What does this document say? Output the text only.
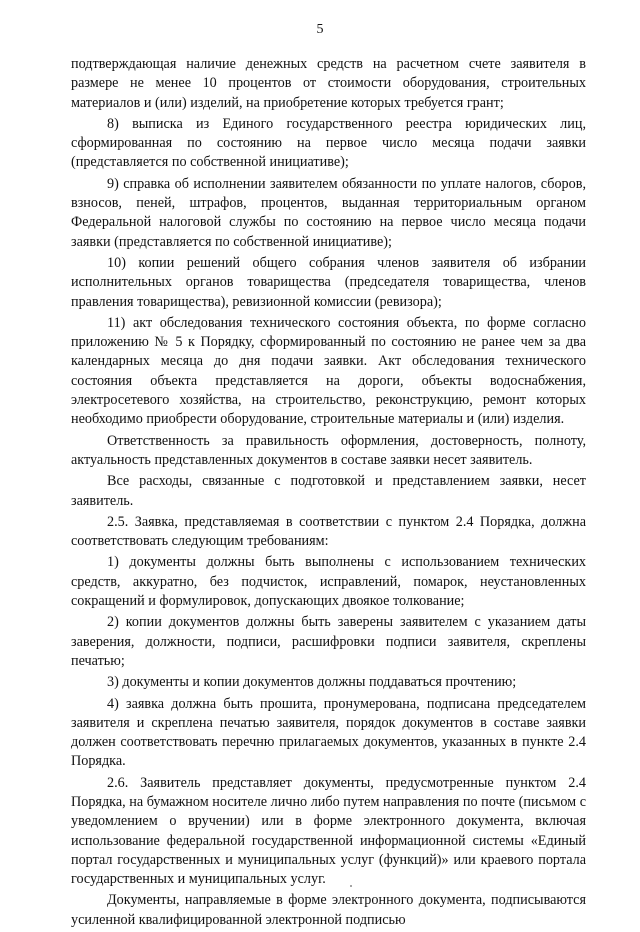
5

подтверждающая наличие денежных средств на расчетном счете заявителя в размере не менее 10 процентов от стоимости оборудования, строительных материалов и (или) изделий, на приобретение которых требуется грант;

8) выписка из Единого государственного реестра юридических лиц, сформированная по состоянию на первое число месяца подачи заявки (представляется по собственной инициативе);

9) справка об исполнении заявителем обязанности по уплате налогов, сборов, взносов, пеней, штрафов, процентов, выданная территориальным органом Федеральной налоговой службы по состоянию на первое число месяца подачи заявки (представляется по собственной инициативе);

10) копии решений общего собрания членов заявителя об избрании исполнительных органов товарищества (председателя товарищества, членов правления товарищества), ревизионной комиссии (ревизора);

11) акт обследования технического состояния объекта, по форме согласно приложению № 5 к Порядку, сформированный по состоянию не ранее чем за два календарных месяца до дня подачи заявки. Акт обследования технического состояния объекта представляется на дороги, объекты водоснабжения, электросетевого хозяйства, на строительство, реконструкцию, ремонт которых необходимо приобрести оборудование, строительные материалы и (или) изделия.

Ответственность за правильность оформления, достоверность, полноту, актуальность представленных документов в составе заявки несет заявитель.

Все расходы, связанные с подготовкой и представлением заявки, несет заявитель.

2.5. Заявка, представляемая в соответствии с пунктом 2.4 Порядка, должна соответствовать следующим требованиям:

1) документы должны быть выполнены с использованием технических средств, аккуратно, без подчисток, исправлений, помарок, неустановленных сокращений и формулировок, допускающих двоякое толкование;

2) копии документов должны быть заверены заявителем с указанием даты заверения, должности, подписи, расшифровки подписи заявителя, скреплены печатью;

3) документы и копии документов должны поддаваться прочтению;

4) заявка должна быть прошита, пронумерована, подписана председателем заявителя и скреплена печатью заявителя, порядок документов в составе заявки должен соответствовать перечню прилагаемых документов, указанных в пункте 2.4 Порядка.

2.6. Заявитель представляет документы, предусмотренные пунктом 2.4 Порядка, на бумажном носителе лично либо путем направления по почте (письмом с уведомлением о вручении) или в форме электронного документа, включая использование федеральной государственной информационной системы «Единый портал государственных и муниципальных услуг (функций)» или краевого портала государственных и муниципальных услуг.

Документы, направляемые в форме электронного документа, подписываются усиленной квалифицированной электронной подписью
